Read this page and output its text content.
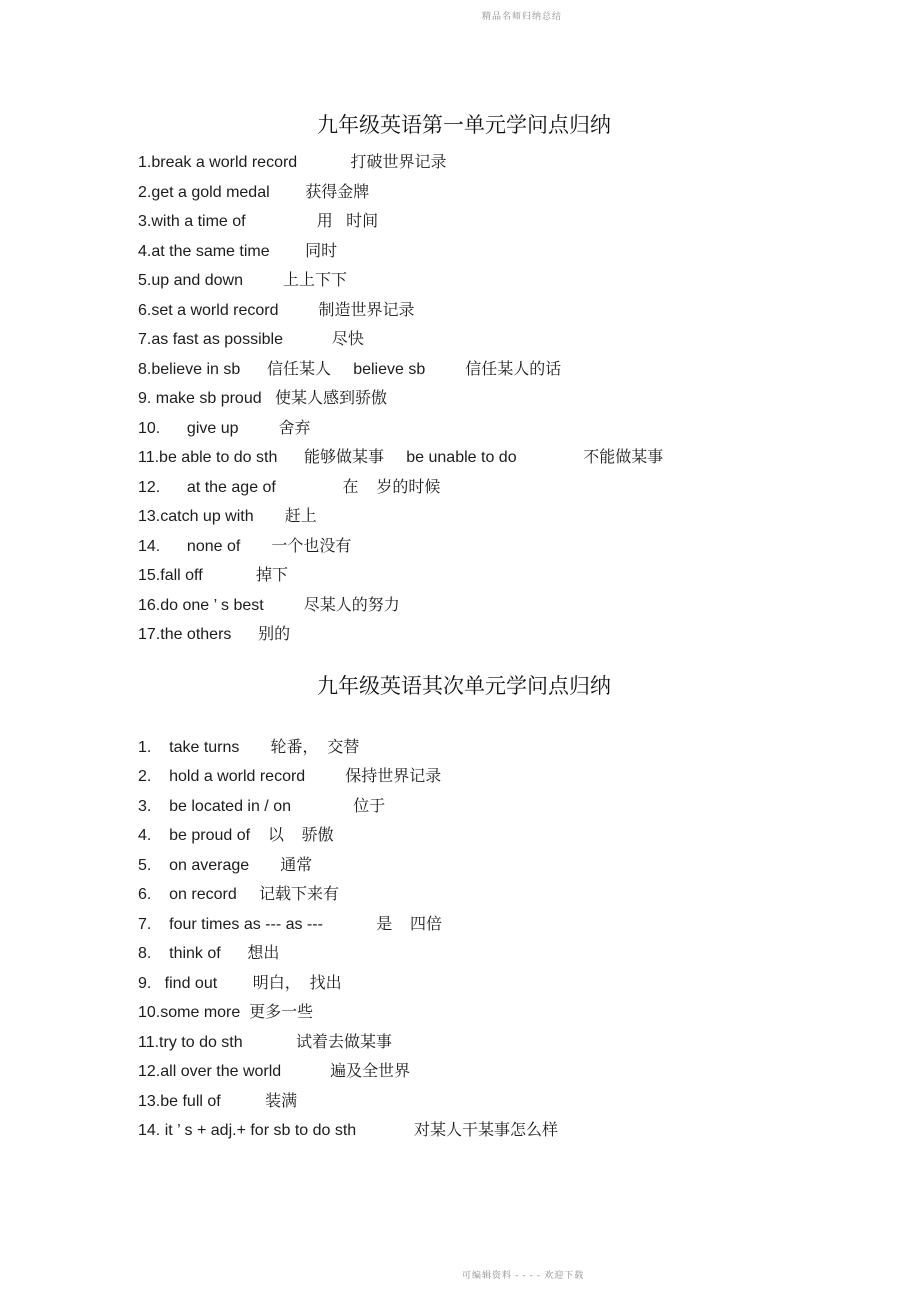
精品名师归纳总结
九年级英语第一单元学问点归纳
1.break a world record            打破世界记录
2.get a gold medal        获得金牌
3.with a time of                用   时间
4.at the same time        同时
5.up and down         上上下下
6.set a world record         制造世界记录
7.as fast as possible           尽快
8.believe in sb      信任某人     believe sb         信任某人的话
9. make sb proud   使某人感到骄傲
10.      give up         舍弃
11.be able to do sth      能够做某事     be unable to do               不能做某事
12.      at the age of               在    岁的时候
13.catch up with       赶上
14.      none of       一个也没有
15.fall off            掉下
16.do one ’ s best         尽某人的努力
17.the others      别的
九年级英语其次单元学问点归纳
1.    take turns       轮番，  交替
2.    hold a world record         保持世界记录
3.    be located in / on              位于
4.    be proud of    以    骄傲
5.    on average       通常
6.    on record     记载下来有
7.    four times as --- as ---            是    四倍
8.    think of      想出
9.   find out        明白，  找出
10.some more  更多一些
11.try to do sth            试着去做某事
12.all over the world           遍及全世界
13.be full of          装满
14. it ’ s + adj.+ for sb to do sth             对某人干某事怎么样
可编辑资料 - - - - 欢迎下载
